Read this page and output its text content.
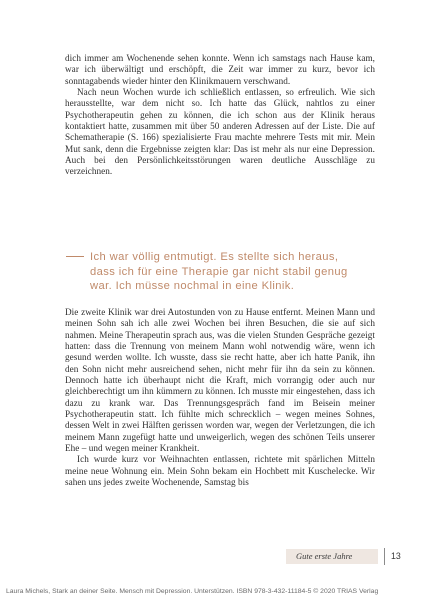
dich immer am Wochenende sehen konnte. Wenn ich samstags nach Hause kam, war ich überwältigt und erschöpft, die Zeit war immer zu kurz, bevor ich sonntagabends wieder hinter den Klinikmauern verschwand.

Nach neun Wochen wurde ich schließlich entlassen, so erfreulich. Wie sich herausstellte, war dem nicht so. Ich hatte das Glück, nahtlos zu einer Psychotherapeutin gehen zu können, die ich schon aus der Klinik heraus kontaktiert hatte, zusammen mit über 50 anderen Adressen auf der Liste. Die auf Schematherapie (S. 166) spezialisierte Frau machte mehrere Tests mit mir. Mein Mut sank, denn die Ergebnisse zeigten klar: Das ist mehr als nur eine Depression. Auch bei den Persönlichkeitsstörungen waren deutliche Ausschläge zu verzeichnen.

Ich war völlig entmutigt. Es stellte sich heraus, dass ich für eine Therapie gar nicht stabil genug war. Ich müsse nochmal in eine Klinik.

Die zweite Klinik war drei Autostunden von zu Hause entfernt. Meinen Mann und meinen Sohn sah ich alle zwei Wochen bei ihren Besuchen, die sie auf sich nahmen. Meine Therapeutin sprach aus, was die vielen Stunden Gespräche gezeigt hatten: dass die Trennung von meinem Mann wohl notwendig wäre, wenn ich gesund werden wollte. Ich wusste, dass sie recht hatte, aber ich hatte Panik, ihn den Sohn nicht mehr ausreichend sehen, nicht mehr für ihn da sein zu können. Dennoch hatte ich überhaupt nicht die Kraft, mich vorrangig oder auch nur gleichberechtigt um ihn kümmern zu können. Ich musste mir eingestehen, dass ich dazu zu krank war. Das Trennungsgespräch fand im Beisein meiner Psychotherapeutin statt. Ich fühlte mich schrecklich – wegen meines Sohnes, dessen Welt in zwei Hälften gerissen worden war, wegen der Verletzungen, die ich meinem Mann zugefügt hatte und unweigerlich, wegen des schönen Teils unserer Ehe – und wegen meiner Krankheit.

Ich wurde kurz vor Weihnachten entlassen, richtete mit spärlichen Mitteln meine neue Wohnung ein. Mein Sohn bekam ein Hochbett mit Kuschelecke. Wir sahen uns jedes zweite Wochenende, Samstag bis

Gute erste Jahre	13
Laura Michels, Stark an deiner Seite. Mensch mit Depression. Unterstützen. ISBN 978-3-432-11184-5 © 2020 TRIAS Verlag
